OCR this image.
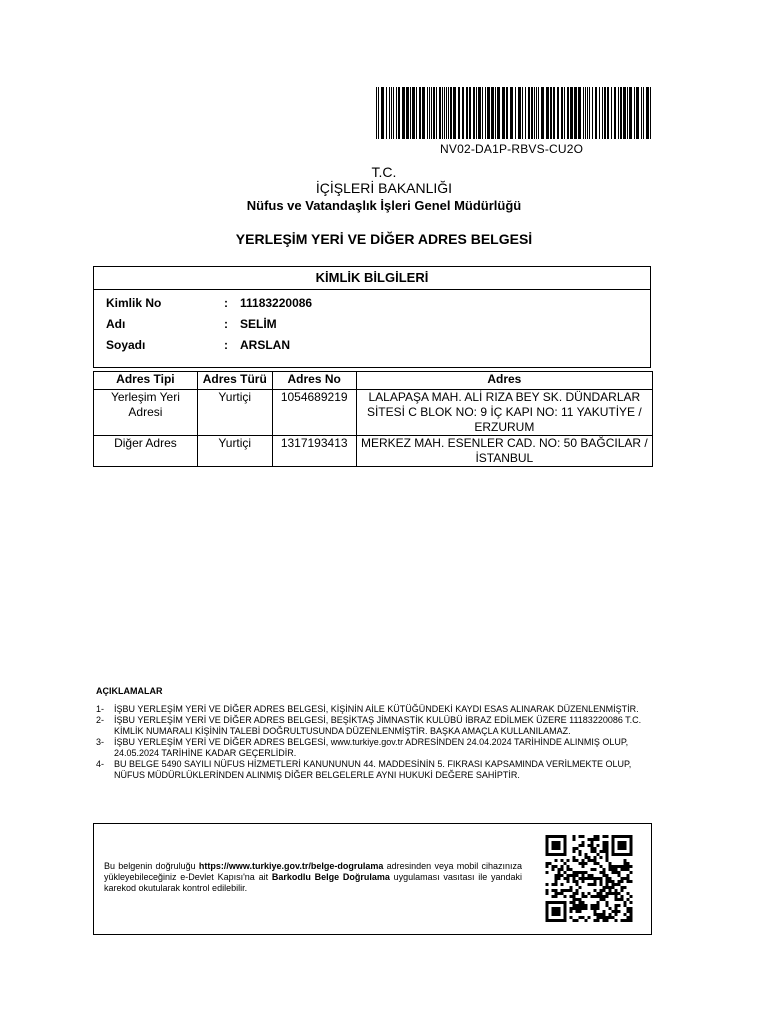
NV02-DA1P-RBVS-CU2O
T.C.
İÇİŞLERİ BAKANLIĞI
Nüfus ve Vatandaşlık İşleri Genel Müdürlüğü
YERLEŞİM YERİ VE DİĞER ADRES BELGESİ
KİMLİK BİLGİLERİ
Kimlik No	: 11183220086
Adı	: SELİM
Soyadı	: ARSLAN
Adres Tipi	Adres Türü	Adres No	Adres
Yerleşim Yeri Adresi	Yurtiçi	1054689219	LALAPAŞA MAH. ALİ RIZA BEY SK. DÜNDARLAR SİTESİ C BLOK NO: 9 İÇ KAPI NO: 11 YAKUTİYE / ERZURUM
Diğer Adres	Yurtiçi	1317193413	MERKEZ MAH. ESENLER CAD. NO: 50 BAĞCILAR / İSTANBUL
AÇIKLAMALAR
1-	İŞBU YERLEŞİM YERİ VE DİĞER ADRES BELGESİ, KİŞİNİN AİLE KÜTÜĞÜNDEKİ KAYDI ESAS ALINARAK DÜZENLENMİŞTİR.
2-	İŞBU YERLEŞİM YERİ VE DİĞER ADRES BELGESİ, BEŞİKTAŞ JİMNASTİK KULÜBÜ İBRAZ EDİLMEK ÜZERE 11183220086 T.C. KİMLİK NUMARALI KİŞİNİN TALEBİ DOĞRULTUSUNDA DÜZENLENMİŞTİR. BAŞKA AMAÇLA KULLANILAMAZ.
3-	İŞBU YERLEŞİM YERİ VE DİĞER ADRES BELGESİ, www.turkiye.gov.tr ADRESİNDEN 24.04.2024 TARİHİNDE ALINMIŞ OLUP, 24.05.2024 TARİHİNE KADAR GEÇERLİDİR.
4-	BU BELGE 5490 SAYILI NÜFUS HİZMETLERİ KANUNUNUN 44. MADDESİNİN 5. FIKRASI KAPSAMINDA VERİLMEKTE OLUP, NÜFUS MÜDÜRLÜKLERİNDEN ALINMIŞ DİĞER BELGELERLE AYNI HUKUKİ DEĞERE SAHİPTİR.
Bu belgenin doğruluğu https://www.turkiye.gov.tr/belge-dogrulama adresinden veya mobil cihazınıza yükleyebileceğiniz e-Devlet Kapısı'na ait Barkodlu Belge Doğrulama uygulaması vasıtası ile yandaki karekod okutularak kontrol edilebilir.
